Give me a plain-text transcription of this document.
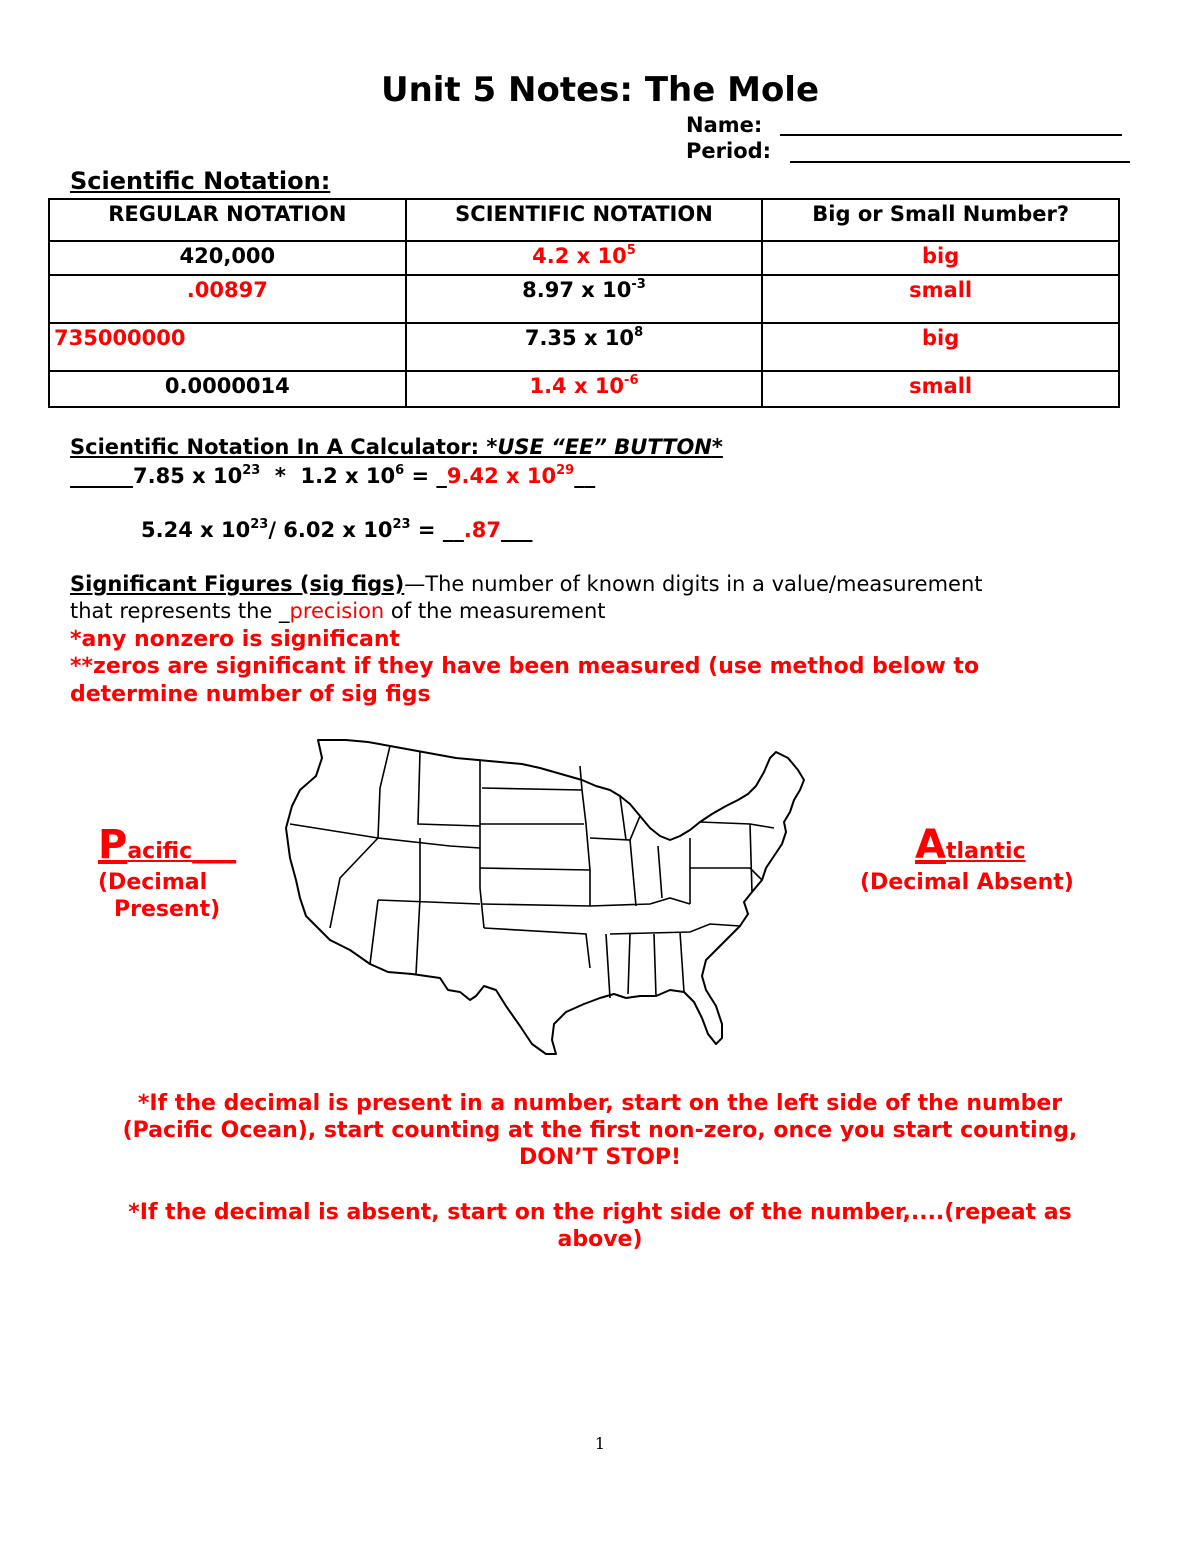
Unit 5 Notes: The Mole
Name:
Period:
Scientific Notation:
REGULAR NOTATION	SCIENTIFIC NOTATION	Big or Small Number?
420,000	4.2 x $10^5$	big
.00897	8.97 x $10^{-3}$	small
735000000	7.35 x $10^8$	big
0.0000014	1.4 x $10^{-6}$	small
Scientific Notation In A Calculator: *USE “EE” BUTTON*
______7.85 x $10^{23} * 1.2$ x $10^6$ = _9.42 x $10^{29}\_\_$
5.24 x $10^{23}/$ 6.02 x $10^{23}$ = __.87___
Significant Figures (sig figs)—The number of known digits in a value/measurement
that represents the _precision of the measurement
*any nonzero is significant
**zeros are significant if they have been measured (use method below to
determine number of sig figs
Pacific____
(Decimal
Present)
Atlantic
(Decimal Absent)
*If the decimal is present in a number, start on the left side of the number
(Pacific Ocean), start counting at the first non-zero, once you start counting,
DON’T STOP!
*If the decimal is absent, start on the right side of the number,....(repeat as
above)
1
